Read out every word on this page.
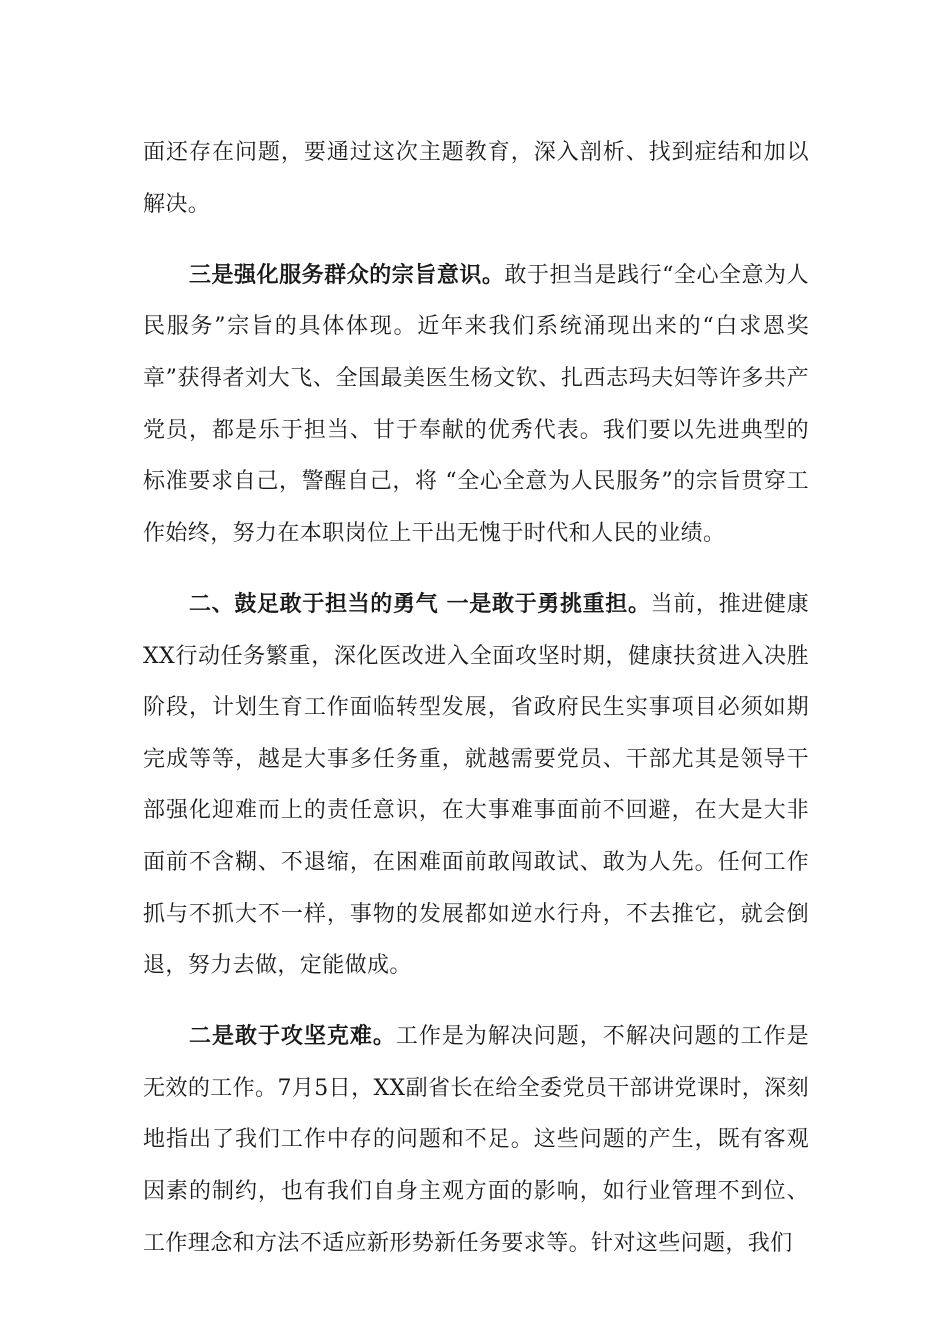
面还存在问题，要通过这次主题教育，深入剖析、找到症结和加以解决。

三是强化服务群众的宗旨意识。敢于担当是践行“全心全意为人民服务”宗旨的具体体现。近年来我们系统涌现出来的“白求恩奖章”获得者刘大飞、全国最美医生杨文钦、扎西志玛夫妇等许多共产党员，都是乐于担当、甘于奉献的优秀代表。我们要以先进典型的标准要求自己，警醒自己，将 “全心全意为人民服务”的宗旨贯穿工作始终，努力在本职岗位上干出无愧于时代和人民的业绩。

二、鼓足敢于担当的勇气 一是敢于勇挑重担。当前，推进健康XX行动任务繁重，深化医改进入全面攻坚时期，健康扶贫进入决胜阶段，计划生育工作面临转型发展，省政府民生实事项目必须如期完成等等，越是大事多任务重，就越需要党员、干部尤其是领导干部强化迎难而上的责任意识，在大事难事面前不回避，在大是大非面前不含糊、不退缩，在困难面前敢闯敢试、敢为人先。任何工作抓与不抓大不一样，事物的发展都如逆水行舟，不去推它，就会倒退，努力去做，定能做成。

二是敢于攻坚克难。工作是为解决问题，不解决问题的工作是无效的工作。7月5日，XX副省长在给全委党员干部讲党课时，深刻地指出了我们工作中存的问题和不足。这些问题的产生，既有客观因素的制约，也有我们自身主观方面的影响，如行业管理不到位、工作理念和方法不适应新形势新任务要求等。针对这些问题，我们
